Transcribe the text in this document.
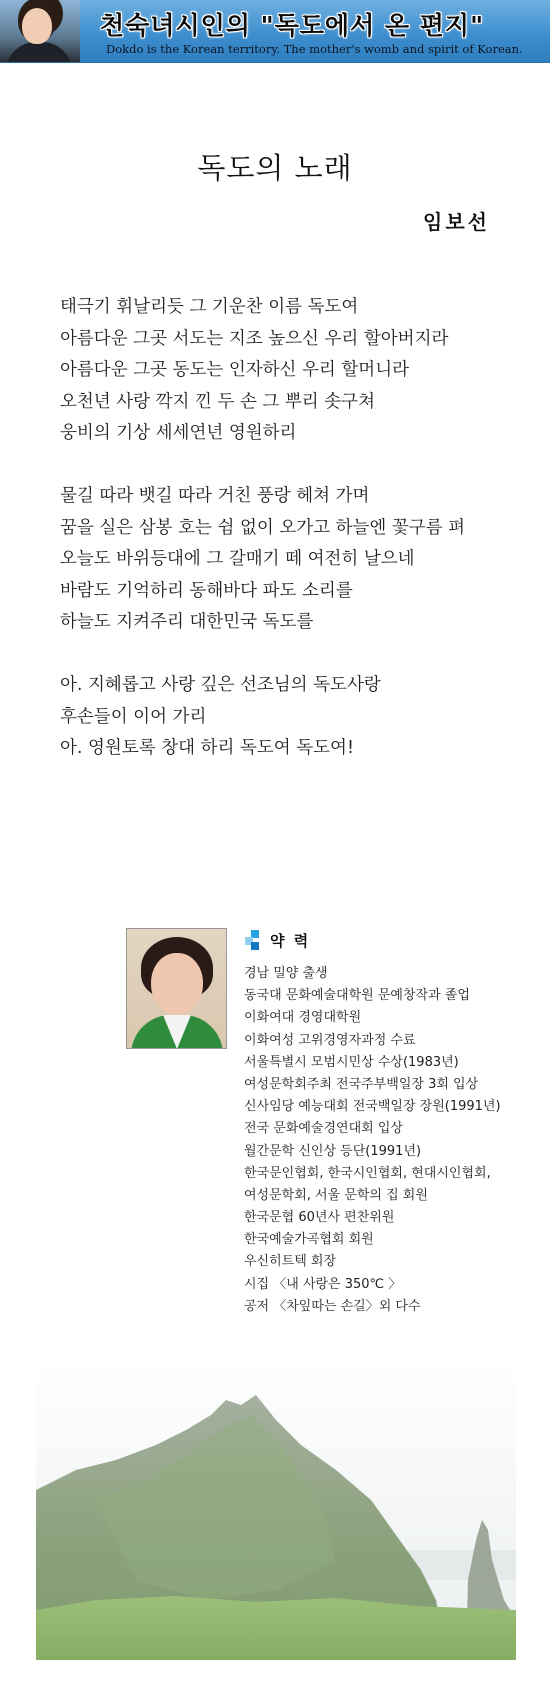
천숙녀시인의 "독도에서 온 편지"
Dokdo is the Korean territory. The mother's womb and spirit of Korean.
독도의 노래
임보선
태극기 휘날리듯 그 기운찬 이름 독도여
아름다운 그곳 서도는 지조 높으신 우리 할아버지라
아름다운 그곳 동도는 인자하신 우리 할머니라
오천년 사랑 깍지 낀 두 손 그 뿌리 솟구쳐
웅비의 기상 세세연년 영원하리
물길 따라 뱃길 따라 거친 풍랑 헤쳐 가며
꿈을 실은 삼봉 호는 쉼 없이 오가고 하늘엔 꽃구름 펴
오늘도 바위등대에 그 갈매기 떼 여전히 날으네
바람도 기억하리 동해바다 파도 소리를
하늘도 지켜주리 대한민국 독도를
아. 지혜롭고 사랑 깊은 선조님의 독도사랑
후손들이 이어 가리
아. 영원토록 창대 하리 독도여 독도여!
약 력
경남 밀양 출생
동국대 문화예술대학원 문예창작과 졸업
이화여대 경영대학원
이화여성 고위경영자과정 수료
서울특별시 모범시민상 수상(1983년)
여성문학회주최 전국주부백일장 3회 입상
신사임당 예능대회 전국백일장 장원(1991년)
전국 문화예술경연대회 입상
월간문학 신인상 등단(1991년)
한국문인협회, 한국시인협회, 현대시인협회,
여성문학회, 서울 문학의 집 회원
한국문협 60년사 편찬위원
한국예술가곡협회 회원
우신히트텍 회장
시집 〈내 사랑은 350℃ 〉
공저 〈차잎따는 손길〉외 다수
